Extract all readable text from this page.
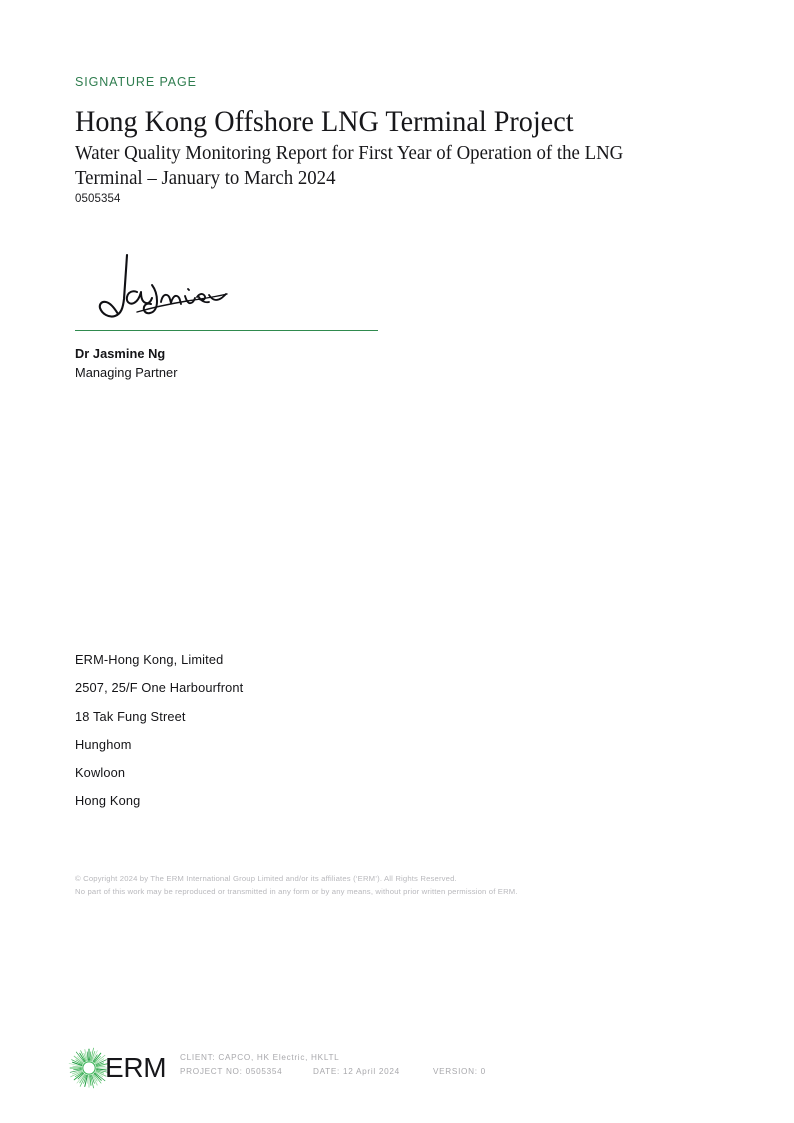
SIGNATURE PAGE
Hong Kong Offshore LNG Terminal Project
Water Quality Monitoring Report for First Year of Operation of the LNG Terminal – January to March 2024
0505354
Dr Jasmine Ng
Managing Partner
ERM-Hong Kong, Limited
2507, 25/F One Harbourfront
18 Tak Fung Street
Hunghom
Kowloon
Hong Kong
© Copyright 2024 by The ERM International Group Limited and/or its affiliates (‘ERM’). All Rights Reserved.
No part of this work may be reproduced or transmitted in any form or by any means, without prior written permission of ERM.
ERM CLIENT: CAPCO, HK Electric, HKLTL
PROJECT NO: 0505354	DATE: 12 April 2024	VERSION: 0
